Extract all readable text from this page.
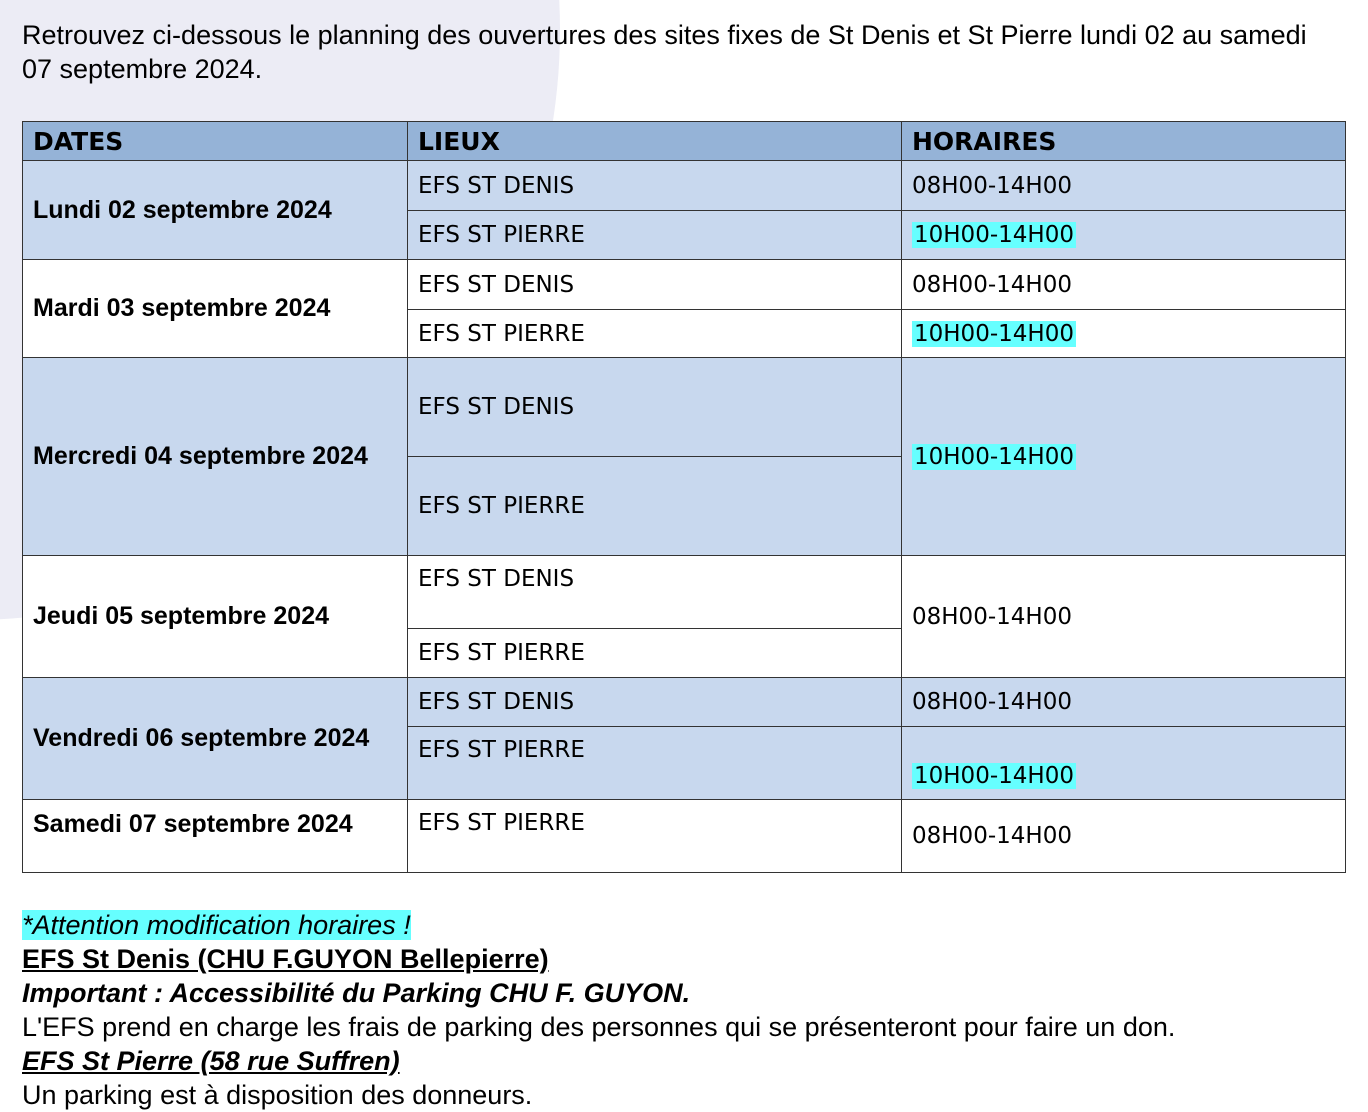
Retrouvez ci-dessous le planning des ouvertures des sites fixes de St Denis et St Pierre lundi 02 au samedi 07 septembre 2024.

DATES	LIEUX	HORAIRES
Lundi 02 septembre 2024	EFS ST DENIS	08H00-14H00
	EFS ST PIERRE	10H00-14H00
Mardi 03 septembre 2024	EFS ST DENIS	08H00-14H00
	EFS ST PIERRE	10H00-14H00
Mercredi 04 septembre 2024	EFS ST DENIS	10H00-14H00
	EFS ST PIERRE	
Jeudi 05 septembre 2024	EFS ST DENIS	08H00-14H00
	EFS ST PIERRE	
Vendredi 06 septembre 2024	EFS ST DENIS	08H00-14H00
	EFS ST PIERRE	10H00-14H00
Samedi 07 septembre 2024	EFS ST PIERRE	08H00-14H00
*Attention modification horaires !
EFS St Denis (CHU F.GUYON Bellepierre)
Important : Accessibilité du Parking CHU F. GUYON.
L'EFS prend en charge les frais de parking des personnes qui se présenteront pour faire un don.
EFS St Pierre (58 rue Suffren)
Un parking est à disposition des donneurs.
